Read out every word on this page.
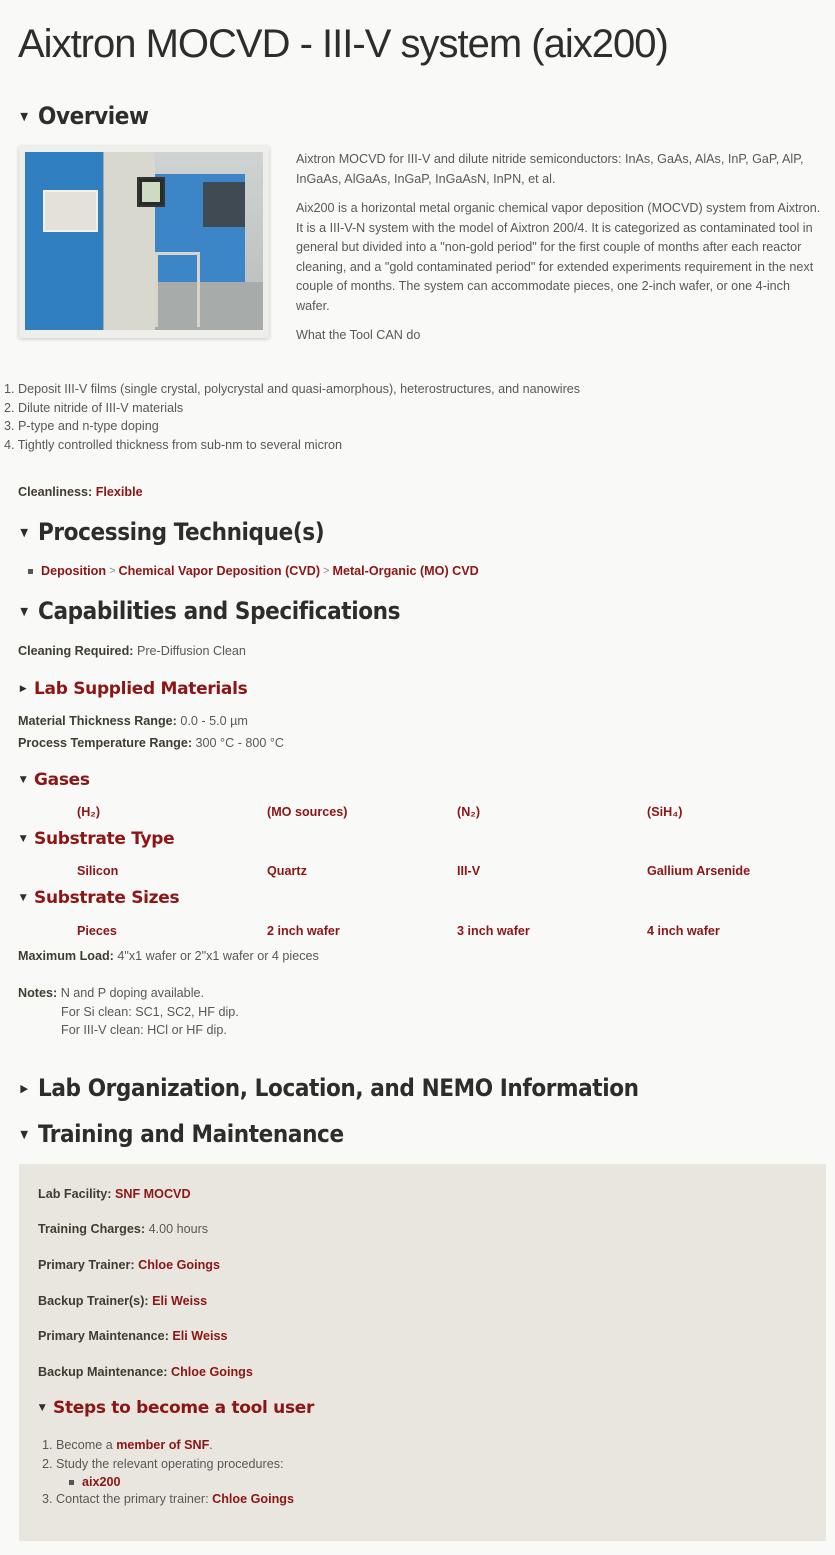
Aixtron MOCVD - III-V system (aix200)
▼ Overview

Aixtron MOCVD for III-V and dilute nitride semiconductors: InAs, GaAs, AlAs, InP, GaP, AlP, InGaAs, AlGaAs, InGaP, InGaAsN, InPN, et al.

Aix200 is a horizontal metal organic chemical vapor deposition (MOCVD) system from Aixtron. It is a III-V-N system with the model of Aixtron 200/4. It is categorized as contaminated tool in general but divided into a "non-gold period" for the first couple of months after each reactor cleaning, and a "gold contaminated period" for extended experiments requirement in the next couple of months. The system can accommodate pieces, one 2-inch wafer, or one 4-inch wafer.

What the Tool CAN do

1. Deposit III-V films (single crystal, polycrystal and quasi-amorphous), heterostructures, and nanowires
2. Dilute nitride of III-V materials
3. P-type and n-type doping
4. Tightly controlled thickness from sub-nm to several micron
Cleanliness: Flexible
▼ Processing Technique(s)
Deposition > Chemical Vapor Deposition (CVD) > Metal-Organic (MO) CVD
▼ Capabilities and Specifications
Cleaning Required: Pre-Diffusion Clean
▶ Lab Supplied Materials
Material Thickness Range: 0.0 - 5.0 µm
Process Temperature Range: 300 °C - 800 °C
▼ Gases
(H₂)	(MO sources)	(N₂)	(SiH₄)
▼ Substrate Type
Silicon	Quartz	III-V	Gallium Arsenide
▼ Substrate Sizes
Pieces	2 inch wafer	3 inch wafer	4 inch wafer
Maximum Load: 4"x1 wafer or 2"x1 wafer or 4 pieces
Notes: N and P doping available.
For Si clean: SC1, SC2, HF dip.
For III-V clean: HCl or HF dip.
▶ Lab Organization, Location, and NEMO Information
▼ Training and Maintenance
Lab Facility: SNF MOCVD
Training Charges: 4.00 hours
Primary Trainer: Chloe Goings
Backup Trainer(s): Eli Weiss
Primary Maintenance: Eli Weiss
Backup Maintenance: Chloe Goings
▼ Steps to become a tool user
1. Become a member of SNF.
2. Study the relevant operating procedures:
aix200
3. Contact the primary trainer: Chloe Goings
